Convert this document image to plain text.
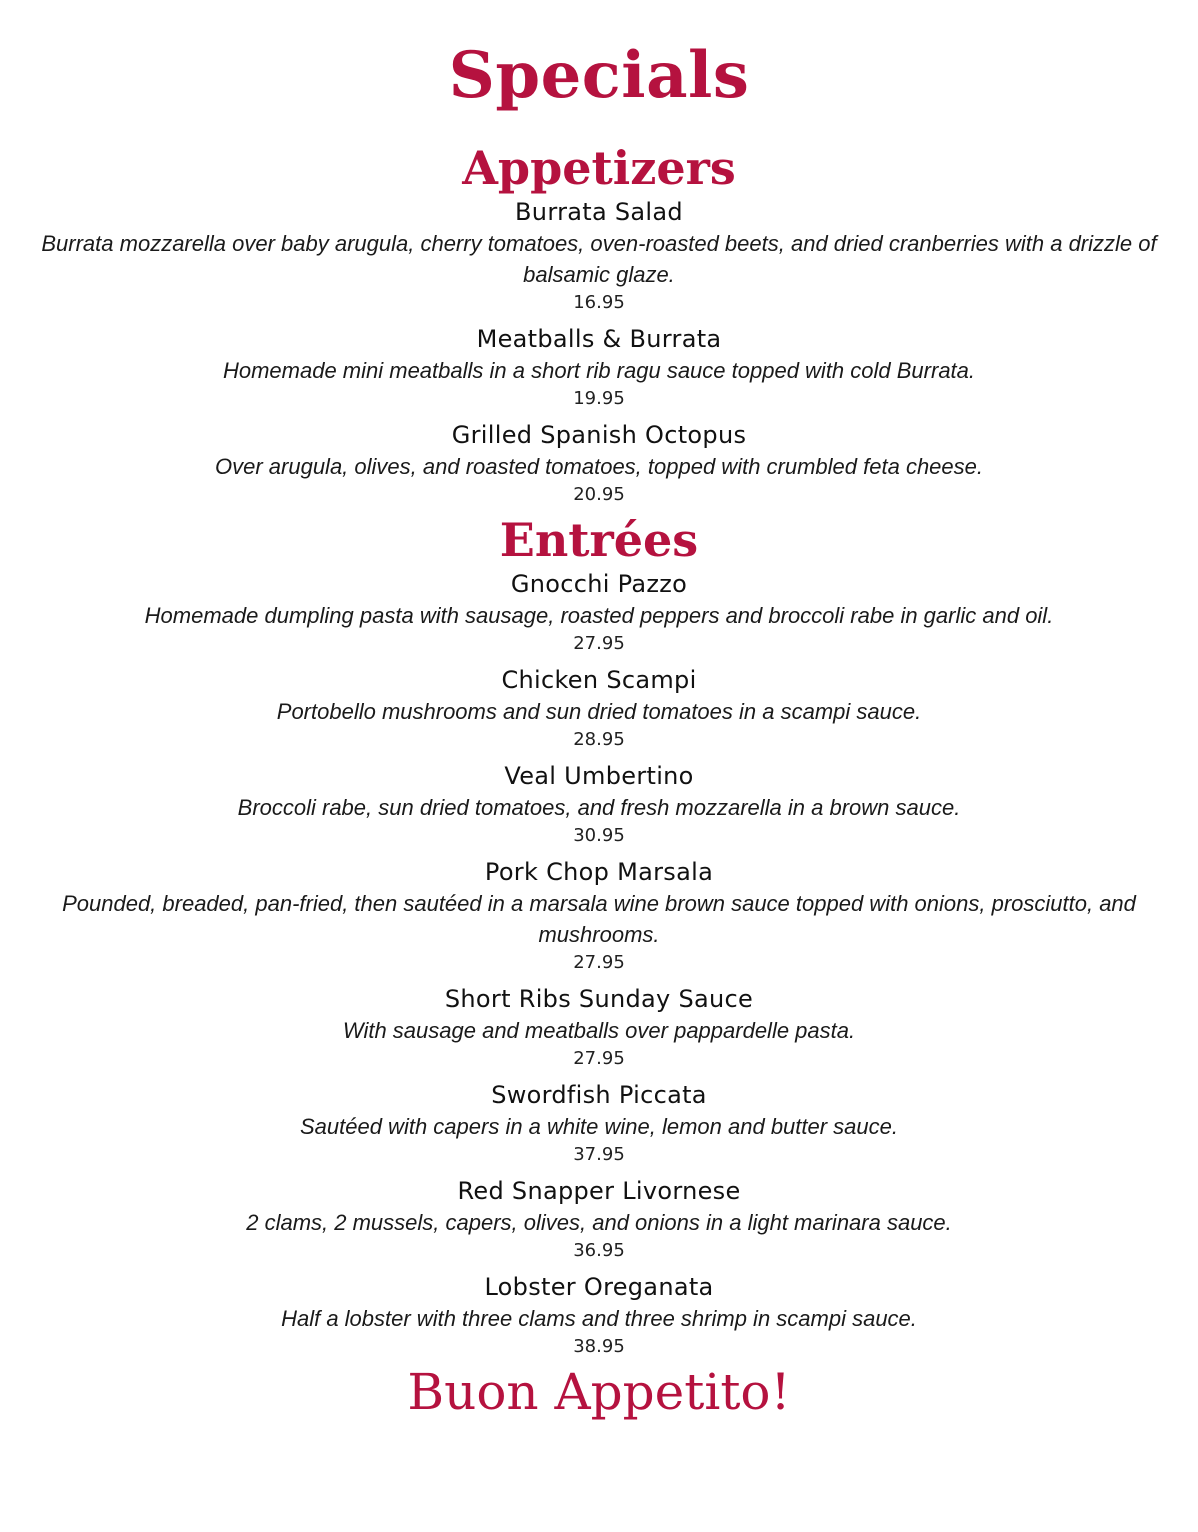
Specials
Appetizers
Burrata Salad
Burrata mozzarella over baby arugula, cherry tomatoes, oven-roasted beets, and dried cranberries with a drizzle of balsamic glaze.
16.95
Meatballs & Burrata
Homemade mini meatballs in a short rib ragu sauce topped with cold Burrata.
19.95
Grilled Spanish Octopus
Over arugula, olives, and roasted tomatoes, topped with crumbled feta cheese.
20.95
Entrées
Gnocchi Pazzo
Homemade dumpling pasta with sausage, roasted peppers and broccoli rabe in garlic and oil.
27.95
Chicken Scampi
Portobello mushrooms and sun dried tomatoes in a scampi sauce.
28.95
Veal Umbertino
Broccoli rabe, sun dried tomatoes, and fresh mozzarella in a brown sauce.
30.95
Pork Chop Marsala
Pounded, breaded, pan-fried, then sautéed in a marsala wine brown sauce topped with onions, prosciutto, and mushrooms.
27.95
Short Ribs Sunday Sauce
With sausage and meatballs over pappardelle pasta.
27.95
Swordfish Piccata
Sautéed with capers in a white wine, lemon and butter sauce.
37.95
Red Snapper Livornese
2 clams, 2 mussels, capers, olives, and onions in a light marinara sauce.
36.95
Lobster Oreganata
Half a lobster with three clams and three shrimp in scampi sauce.
38.95
Buon Appetito!
